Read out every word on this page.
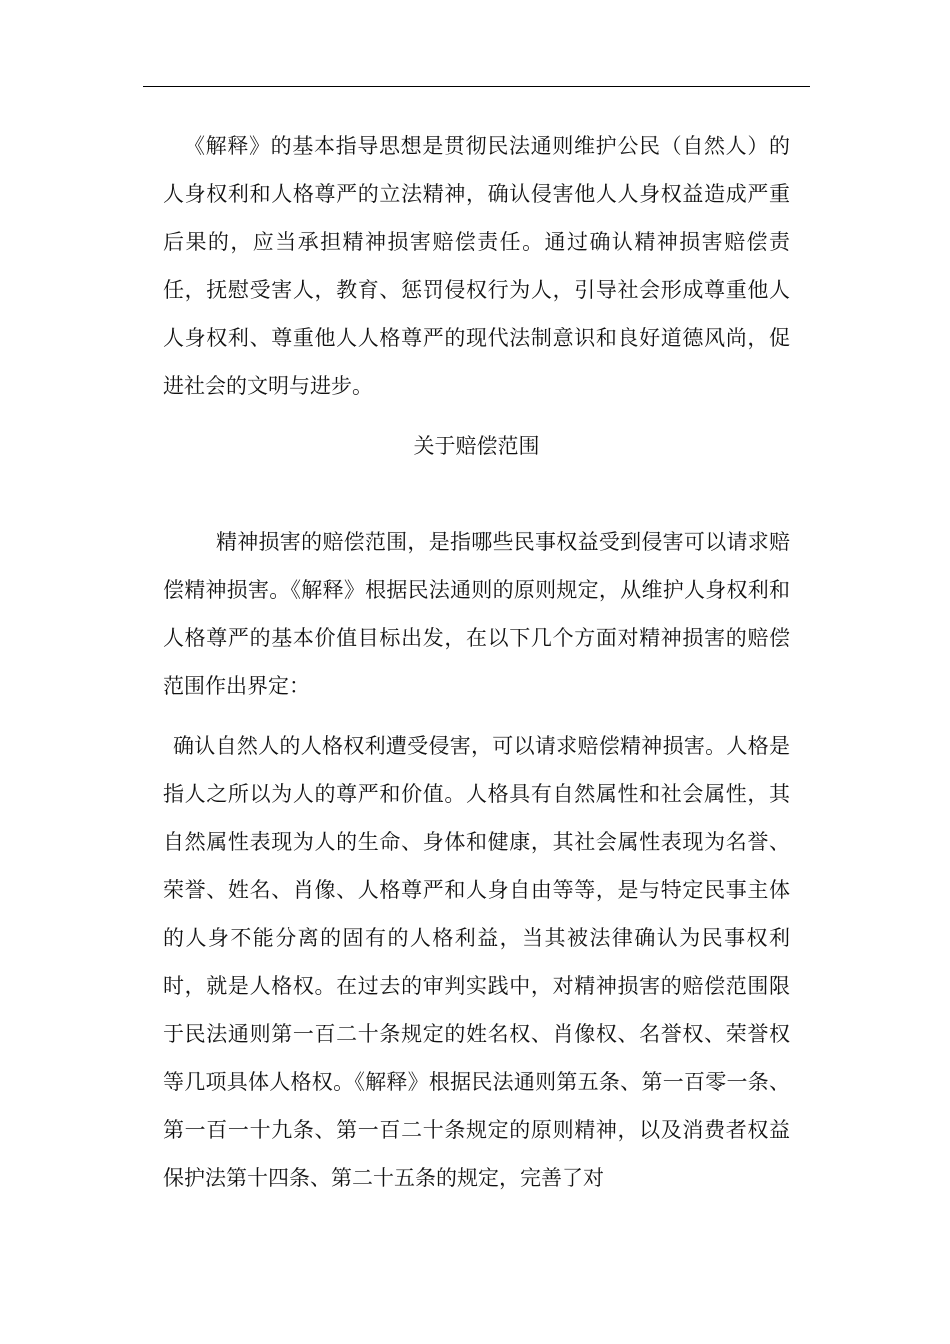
《解释》的基本指导思想是贯彻民法通则维护公民（自然人）的人身权利和人格尊严的立法精神，确认侵害他人人身权益造成严重后果的，应当承担精神损害赔偿责任。通过确认精神损害赔偿责任，抚慰受害人，教育、惩罚侵权行为人，引导社会形成尊重他人人身权利、尊重他人人格尊严的现代法制意识和良好道德风尚，促进社会的文明与进步。

关于赔偿范围

精神损害的赔偿范围，是指哪些民事权益受到侵害可以请求赔偿精神损害。《解释》根据民法通则的原则规定，从维护人身权利和人格尊严的基本价值目标出发，在以下几个方面对精神损害的赔偿范围作出界定：

确认自然人的人格权利遭受侵害，可以请求赔偿精神损害。人格是指人之所以为人的尊严和价值。人格具有自然属性和社会属性，其自然属性表现为人的生命、身体和健康，其社会属性表现为名誉、荣誉、姓名、肖像、人格尊严和人身自由等等，是与特定民事主体的人身不能分离的固有的人格利益，当其被法律确认为民事权利时，就是人格权。在过去的审判实践中，对精神损害的赔偿范围限于民法通则第一百二十条规定的姓名权、肖像权、名誉权、荣誉权等几项具体人格权。《解释》根据民法通则第五条、第一百零一条、第一百一十九条、第一百二十条规定的原则精神，以及消费者权益保护法第十四条、第二十五条的规定，完善了对
